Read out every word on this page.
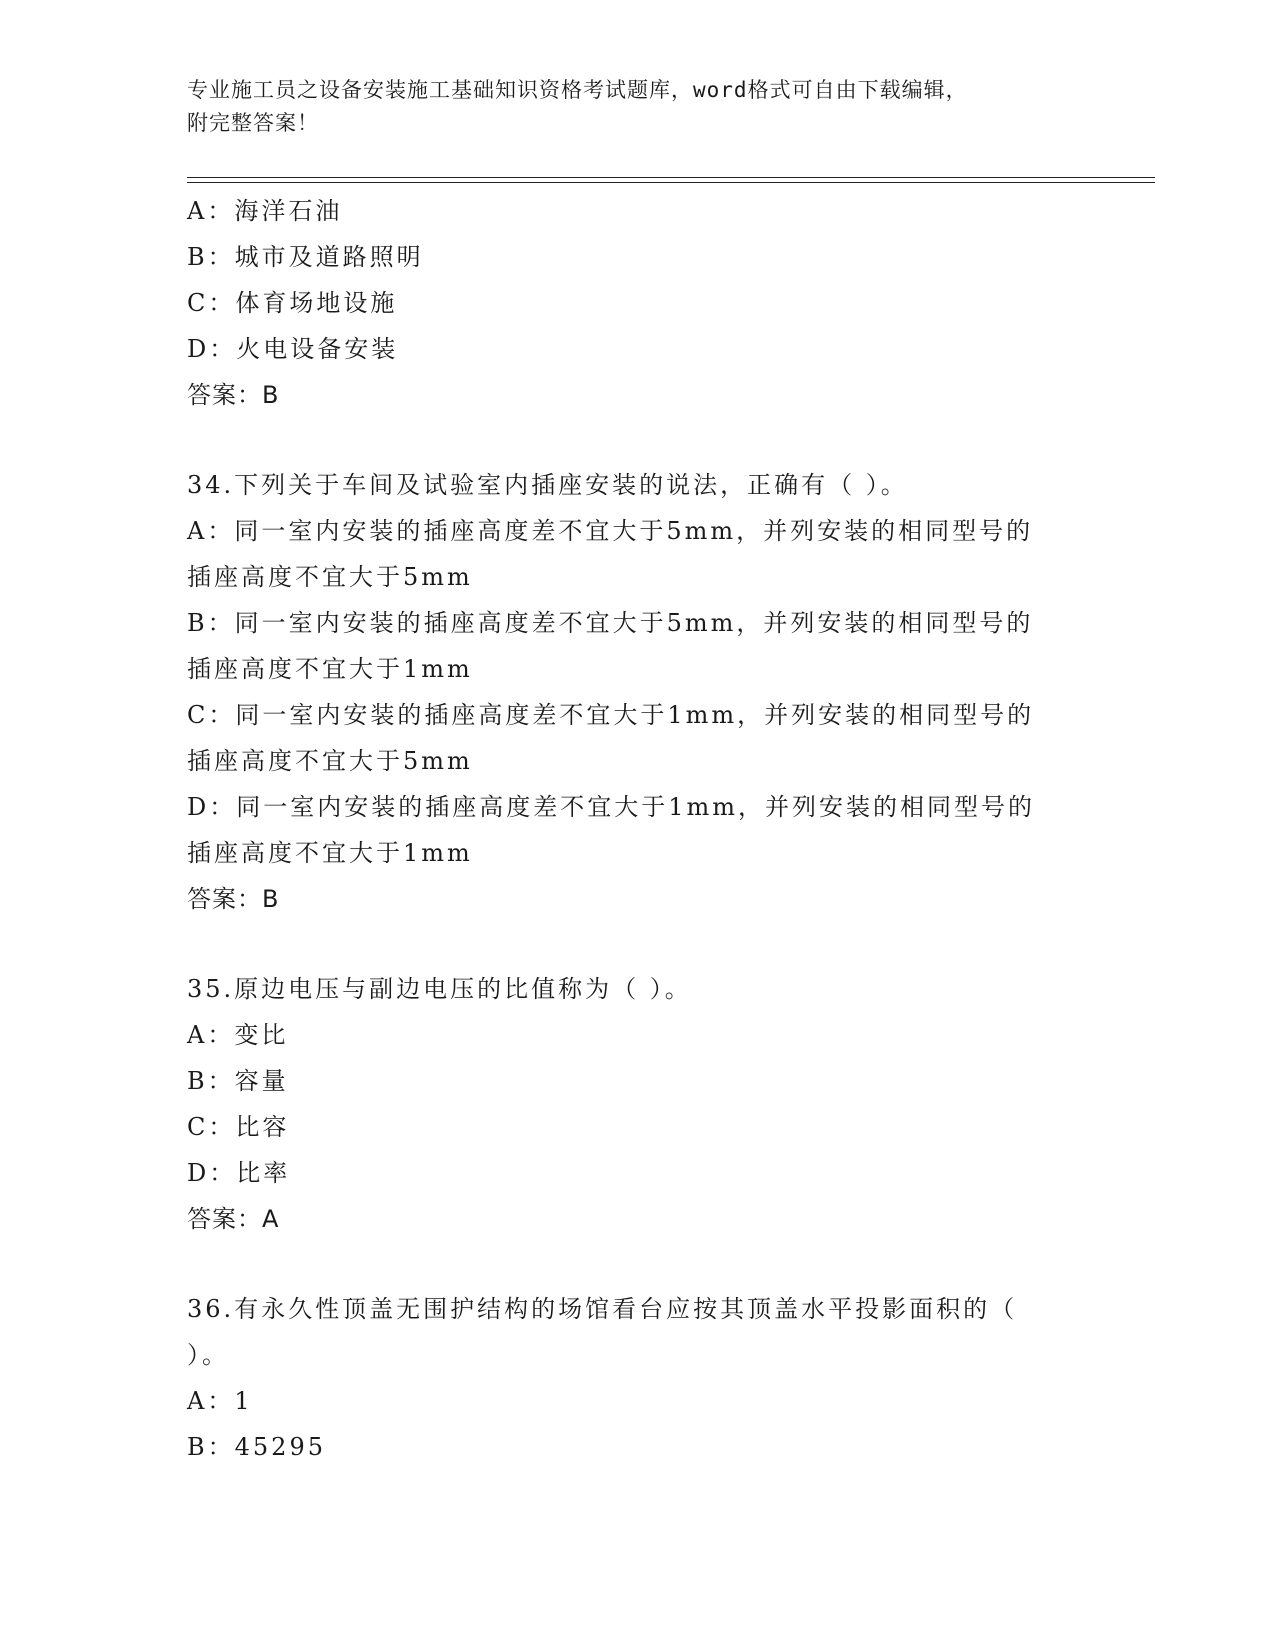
专业施工员之设备安装施工基础知识资格考试题库，word格式可自由下载编辑，
附完整答案！
A：海洋石油
B：城市及道路照明
C：体育场地设施
D：火电设备安装
答案：B
34.下列关于车间及试验室内插座安装的说法，正确有（ ）。
A：同一室内安装的插座高度差不宜大于5mm，并列安装的相同型号的
插座高度不宜大于5mm
B：同一室内安装的插座高度差不宜大于5mm，并列安装的相同型号的
插座高度不宜大于1mm
C：同一室内安装的插座高度差不宜大于1mm，并列安装的相同型号的
插座高度不宜大于5mm
D：同一室内安装的插座高度差不宜大于1mm，并列安装的相同型号的
插座高度不宜大于1mm
答案：B
35.原边电压与副边电压的比值称为（ ）。
A：变比
B：容量
C：比容
D：比率
答案：A
36.有永久性顶盖无围护结构的场馆看台应按其顶盖水平投影面积的（
）。
A：1
B：45295
